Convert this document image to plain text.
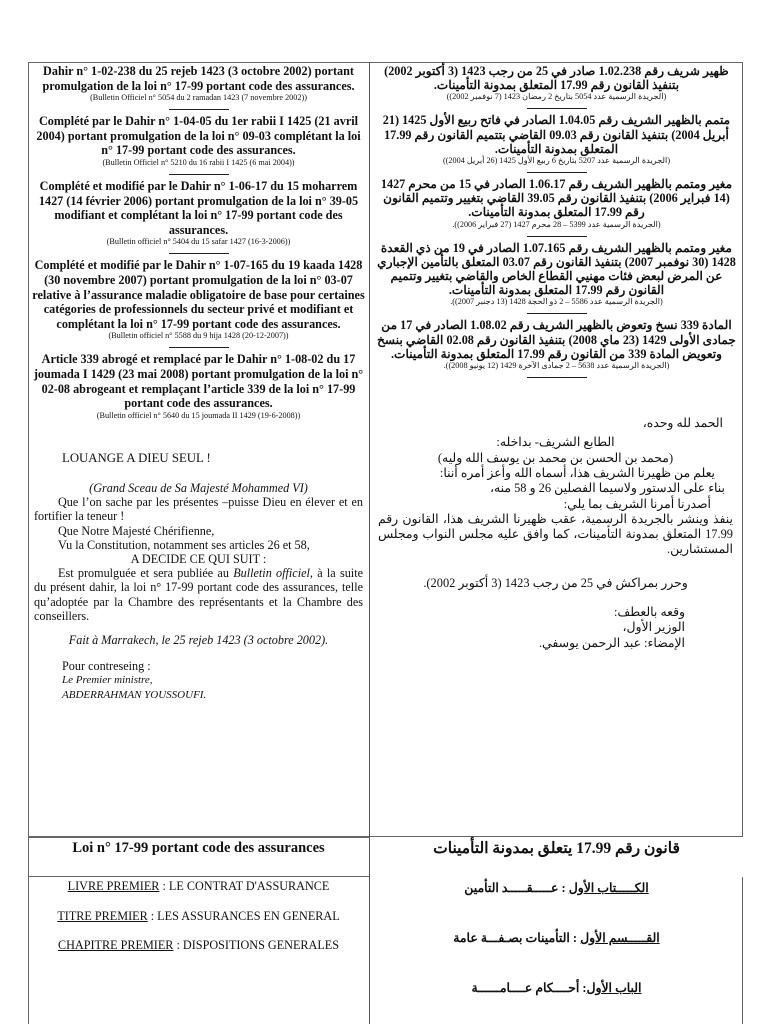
Dahir n° 1-02-238 du 25 rejeb 1423 (3 octobre 2002) portant promulgation de la loi n° 17-99 portant code des assurances.
(Bulletin Officiel n° 5054 du 2 ramadan 1423 (7 novembre 2002))
Complété par le Dahir n° 1-04-05 du 1er rabii I 1425 (21 avril 2004) portant promulgation de la loi n° 09-03 complétant la loi n° 17-99 portant code des assurances.
(Bulletin Officiel n° 5210 du 16 rabii I 1425 (6 mai 2004))
Complété et modifié par le Dahir n° 1-06-17 du 15 moharrem 1427 (14 février 2006) portant promulgation de la loi n° 39-05 modifiant et complétant la loi n° 17-99 portant code des assurances.
(Bulletin officiel n° 5404 du 15 safar 1427 (16-3-2006))
Complété et modifié par le Dahir n° 1-07-165 du 19 kaada 1428 (30 novembre 2007) portant promulgation de la loi n° 03-07 relative à l’assurance maladie obligatoire de base pour certaines catégories de professionnels du secteur privé et modifiant et complétant la loi n° 17-99 portant code des assurances.
(Bulletin officiel n° 5588 du 9 hija 1428 (20-12-2007))
Article 339 abrogé et remplacé par le Dahir n° 1-08-02 du 17 joumada I 1429 (23 mai 2008) portant promulgation de la loi n° 02-08 abrogeant et remplaçant l’article 339 de la loi n° 17-99 portant code des assurances.
(Bulletin officiel n° 5640 du 15 joumada II 1429 (19-6-2008))
LOUANGE A DIEU SEUL !
(Grand Sceau de Sa Majesté Mohammed VI)
Que l’on sache par les présentes –puisse Dieu en élever et en fortifier la teneur !
Que Notre Majesté Chérifienne,
Vu la Constitution, notamment ses articles 26 et 58,
A DECIDE CE QUI SUIT :
Est promulguée et sera publiée au Bulletin officiel, à la suite du présent dahir, la loi n° 17-99 portant code des assurances, telle qu’adoptée par la Chambre des représentants et la Chambre des conseillers.
Fait à Marrakech, le 25 rejeb 1423 (3 octobre 2002).
Pour contreseing :
Le Premier ministre,
ABDERRAHMAN YOUSSOUFI.
ظهير شريف رقم 1.02.238 صادر في 25 من رجب 1423 (3 أكتوبر 2002) بتنفيذ القانون رقم 17.99 المتعلق بمدونة التأمينات.
(الجريدة الرسمية عدد 5054 بتاريخ 2 رمضان 1423 (7 نوفمبر 2002))
متمم بالظهير الشريف رقم 1.04.05 الصادر في فاتح ربيع الأول 1425 (21 أبريل 2004) بتنفيذ القانون رقم 09.03 القاضي بتتميم القانون رقم 17.99 المتعلق بمدونة التأمينات.
(الجريدة الرسمية عدد 5207 بتاريخ 6 ربيع الأول 1425 (26 أبريل 2004))
مغير ومتمم بالظهير الشريف رقم 1.06.17 الصادر في 15 من محرم 1427 (14 فبراير 2006) بتنفيذ القانون رقم 39.05 القاضي بتغيير وتتميم القانون رقم 17.99 المتعلق بمدونة التأمينات.
(الجريدة الرسمية عدد 5399 – 28 محرم 1427 (27 فبراير 2006)).
مغير ومتمم بالظهير الشريف رقم 1.07.165 الصادر في 19 من ذي القعدة 1428 (30 نوفمبر 2007) بتنفيذ القانون رقم 03.07 المتعلق بالتأمين الإجباري عن المرض لبعض فئات مهنيي القطاع الخاص والقاضي بتغيير وتتميم القانون رقم 17.99 المتعلق بمدونة التأمينات.
(الجريدة الرسمية عدد 5586 – 2 ذو الحجة 1428 (13 دجنبر 2007)).
المادة 339 نسخ وتعوض بالظهير الشريف رقم 1.08.02 الصادر في 17 من جمادى الأولى 1429 (23 ماي 2008) بتنفيذ القانون رقم 02.08 القاضي بنسخ وتعويض المادة 339 من القانون رقم 17.99 المتعلق بمدونة التأمينات.
(الجريدة الرسمية عدد 5638 – 2 جمادى الآخرة 1429 (12 يونيو 2008)).
الحمد لله وحده،
الطابع الشريف- بداخله:
(محمد بن الحسن بن محمد بن يوسف الله وليه)
يعلم من ظهيرنا الشريف هذا، أسماه الله وأعز أمره أننا:
بناء على الدستور ولاسيما الفصلين 26 و 58 منه،
أصدرنا أمرنا الشريف بما يلي:
ينفذ وينشر بالجريدة الرسمية، عقب ظهيرنا الشريف هذا، القانون رقم 17.99 المتعلق بمدونة التأمينات، كما وافق عليه مجلس النواب ومجلس المستشارين.
وحرر بمراكش في 25 من رجب 1423 (3 أكتوبر 2002).
وقعه بالعطف:
الوزير الأول،
الإمضاء: عبد الرحمن يوسفي.
Loi n° 17-99 portant code des assurances	قانون رقم 17.99 يتعلق بمدونة التأمينات
LIVRE PREMIER : LE CONTRAT D'ASSURANCE
TITRE PREMIER : LES ASSURANCES EN GENERAL
CHAPITRE PREMIER : DISPOSITIONS GENERALES
الكـــــتاب الأول : عـــــقـــــد التأمين
القـــــسم الأول : التأمينات بصـفـــة عامة
الباب الأول: أحــــكام عــــامــــــة
